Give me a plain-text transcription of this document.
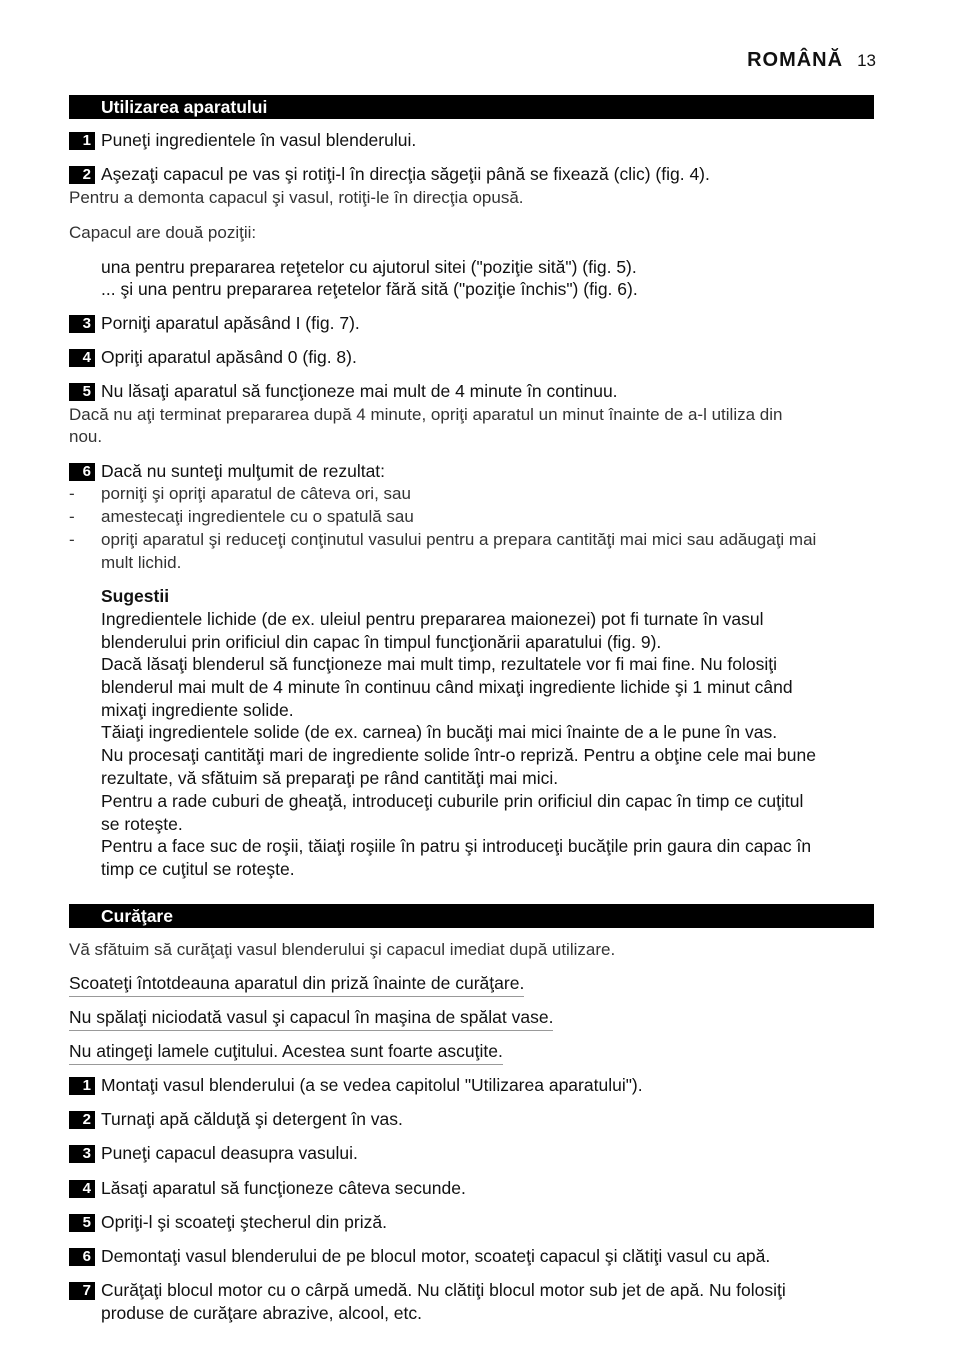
ROMÂNĂ 13
Utilizarea aparatului
1 Puneţi ingredientele în vasul blenderului.
2 Aşezaţi capacul pe vas şi rotiţi-l în direcţia săgeţii până se fixează (clic) (fig. 4).
Pentru a demonta capacul şi vasul, rotiţi-le în direcţia opusă.
Capacul are două poziţii:
una pentru prepararea reţetelor cu ajutorul sitei ("poziţie sită") (fig. 5).
... şi una pentru prepararea reţetelor fără sită ("poziţie închis") (fig. 6).
3 Porniţi aparatul apăsând I (fig. 7).
4 Opriţi aparatul apăsând 0 (fig. 8).
5 Nu lăsaţi aparatul să funcţioneze mai mult de 4 minute în continuu.
Dacă nu aţi terminat prepararea după 4 minute, opriţi aparatul un minut înainte de a-l utiliza din
nou.
6 Dacă nu sunteţi mulţumit de rezultat:
- porniţi şi opriţi aparatul de câteva ori, sau
- amestecaţi ingredientele cu o spatulă sau
- opriţi aparatul şi reduceţi conţinutul vasului pentru a prepara cantităţi mai mici sau adăugaţi mai
mult lichid.
Sugestii
Ingredientele lichide (de ex. uleiul pentru prepararea maionezei) pot fi turnate în vasul
blenderului prin orificiul din capac în timpul funcţionării aparatului (fig. 9).
Dacă lăsaţi blenderul să funcţioneze mai mult timp, rezultatele vor fi mai fine. Nu folosiţi
blenderul mai mult de 4 minute în continuu când mixaţi ingrediente lichide şi 1 minut când
mixaţi ingrediente solide.
Tăiaţi ingredientele solide (de ex. carnea) în bucăţi mai mici înainte de a le pune în vas.
Nu procesaţi cantităţi mari de ingrediente solide într-o repriză. Pentru a obţine cele mai bune
rezultate, vă sfătuim să preparaţi pe rând cantităţi mai mici.
Pentru a rade cuburi de gheaţă, introduceţi cuburile prin orificiul din capac în timp ce cuţitul
se roteşte.
Pentru a face suc de roşii, tăiaţi roşiile în patru şi introduceţi bucăţile prin gaura din capac în
timp ce cuţitul se roteşte.
Curăţare
Vă sfătuim să curăţaţi vasul blenderului şi capacul imediat după utilizare.
Scoateţi întotdeauna aparatul din priză înainte de curăţare.
Nu spălaţi niciodată vasul şi capacul în maşina de spălat vase.
Nu atingeţi lamele cuţitului. Acestea sunt foarte ascuţite.
1 Montaţi vasul blenderului (a se vedea capitolul "Utilizarea aparatului").
2 Turnaţi apă călduţă şi detergent în vas.
3 Puneţi capacul deasupra vasului.
4 Lăsaţi aparatul să funcţioneze câteva secunde.
5 Opriţi-l şi scoateţi ştecherul din priză.
6 Demontaţi vasul blenderului de pe blocul motor, scoateţi capacul şi clătiţi vasul cu apă.
7 Curăţaţi blocul motor cu o cârpă umedă. Nu clătiţi blocul motor sub jet de apă. Nu folosiţi
produse de curăţare abrazive, alcool, etc.
